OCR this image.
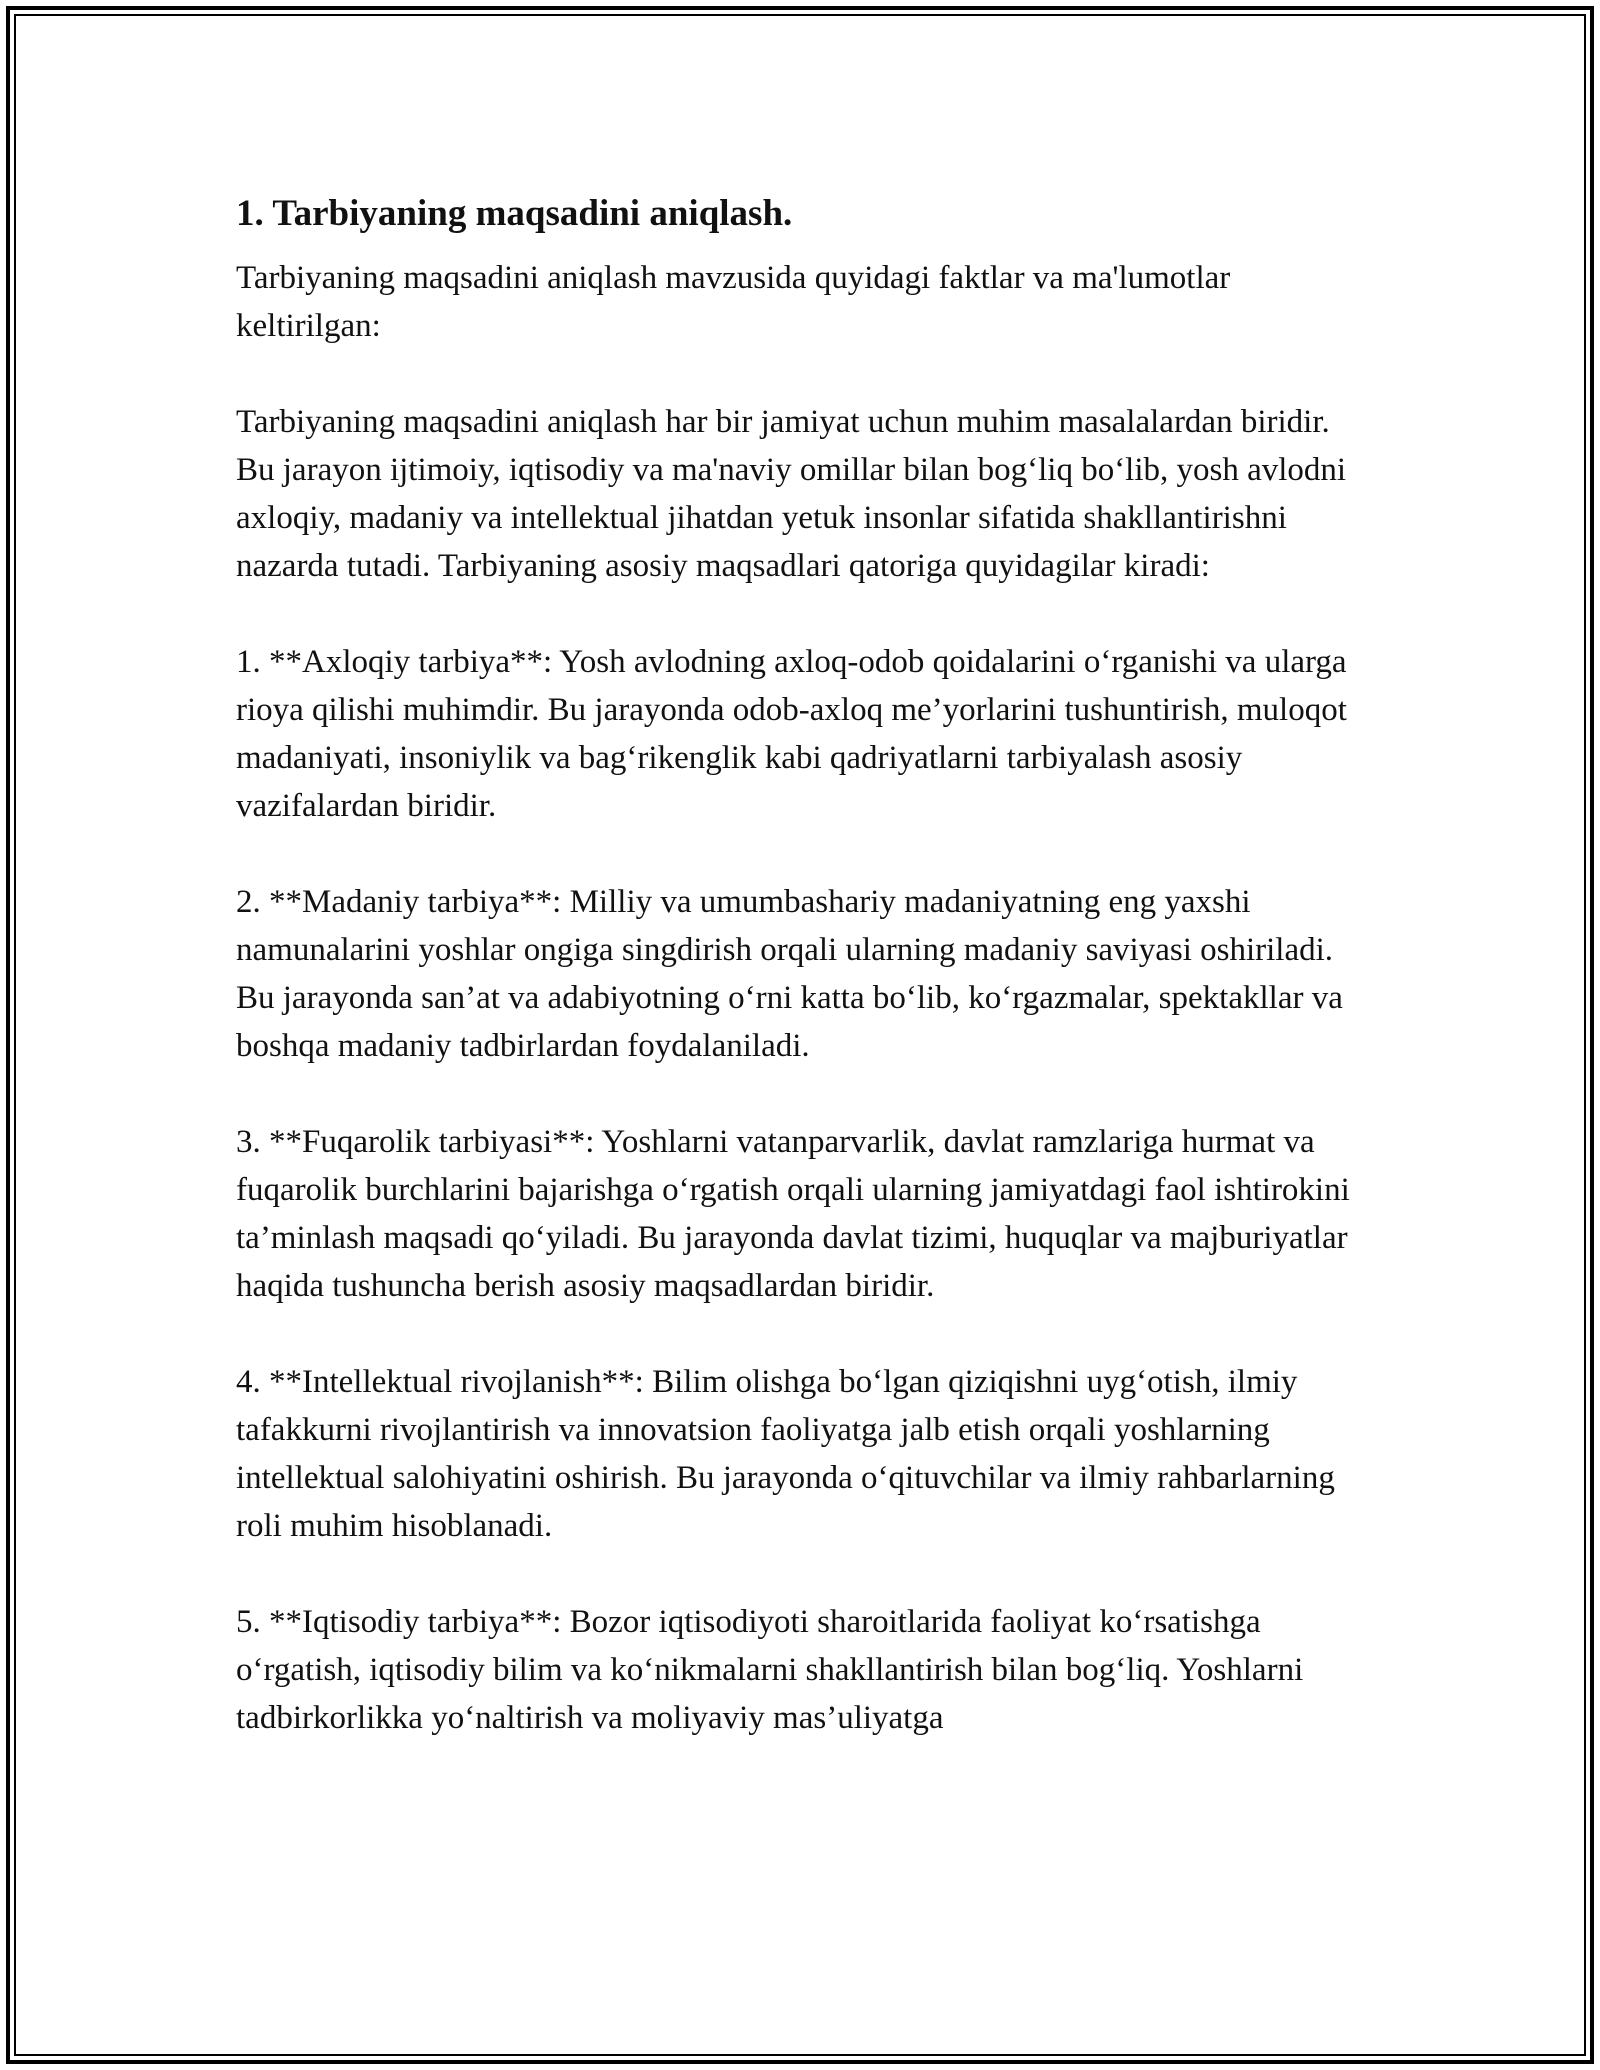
1. Tarbiyaning maqsadini aniqlash.

Tarbiyaning maqsadini aniqlash mavzusida quyidagi faktlar va ma'lumotlar keltirilgan:

Tarbiyaning maqsadini aniqlash har bir jamiyat uchun muhim masalalardan biridir. Bu jarayon ijtimoiy, iqtisodiy va ma'naviy omillar bilan bog‘liq bo‘lib, yosh avlodni axloqiy, madaniy va intellektual jihatdan yetuk insonlar sifatida shakllantirishni nazarda tutadi. Tarbiyaning asosiy maqsadlari qatoriga quyidagilar kiradi:

1. **Axloqiy tarbiya**: Yosh avlodning axloq-odob qoidalarini o‘rganishi va ularga rioya qilishi muhimdir. Bu jarayonda odob-axloq me’yorlarini tushuntirish, muloqot madaniyati, insoniylik va bag‘rikenglik kabi qadriyatlarni tarbiyalash asosiy vazifalardan biridir.

2. **Madaniy tarbiya**: Milliy va umumbashariy madaniyatning eng yaxshi namunalarini yoshlar ongiga singdirish orqali ularning madaniy saviyasi oshiriladi. Bu jarayonda san’at va adabiyotning o‘rni katta bo‘lib, ko‘rgazmalar, spektakllar va boshqa madaniy tadbirlardan foydalaniladi.

3. **Fuqarolik tarbiyasi**: Yoshlarni vatanparvarlik, davlat ramzlariga hurmat va fuqarolik burchlarini bajarishga o‘rgatish orqali ularning jamiyatdagi faol ishtirokini ta’minlash maqsadi qo‘yiladi. Bu jarayonda davlat tizimi, huquqlar va majburiyatlar haqida tushuncha berish asosiy maqsadlardan biridir.

4. **Intellektual rivojlanish**: Bilim olishga bo‘lgan qiziqishni uyg‘otish, ilmiy tafakkurni rivojlantirish va innovatsion faoliyatga jalb etish orqali yoshlarning intellektual salohiyatini oshirish. Bu jarayonda o‘qituvchilar va ilmiy rahbarlarning roli muhim hisoblanadi.

5. **Iqtisodiy tarbiya**: Bozor iqtisodiyoti sharoitlarida faoliyat ko‘rsatishga o‘rgatish, iqtisodiy bilim va ko‘nikmalarni shakllantirish bilan bog‘liq. Yoshlarni tadbirkorlikka yo‘naltirish va moliyaviy mas’uliyatga
